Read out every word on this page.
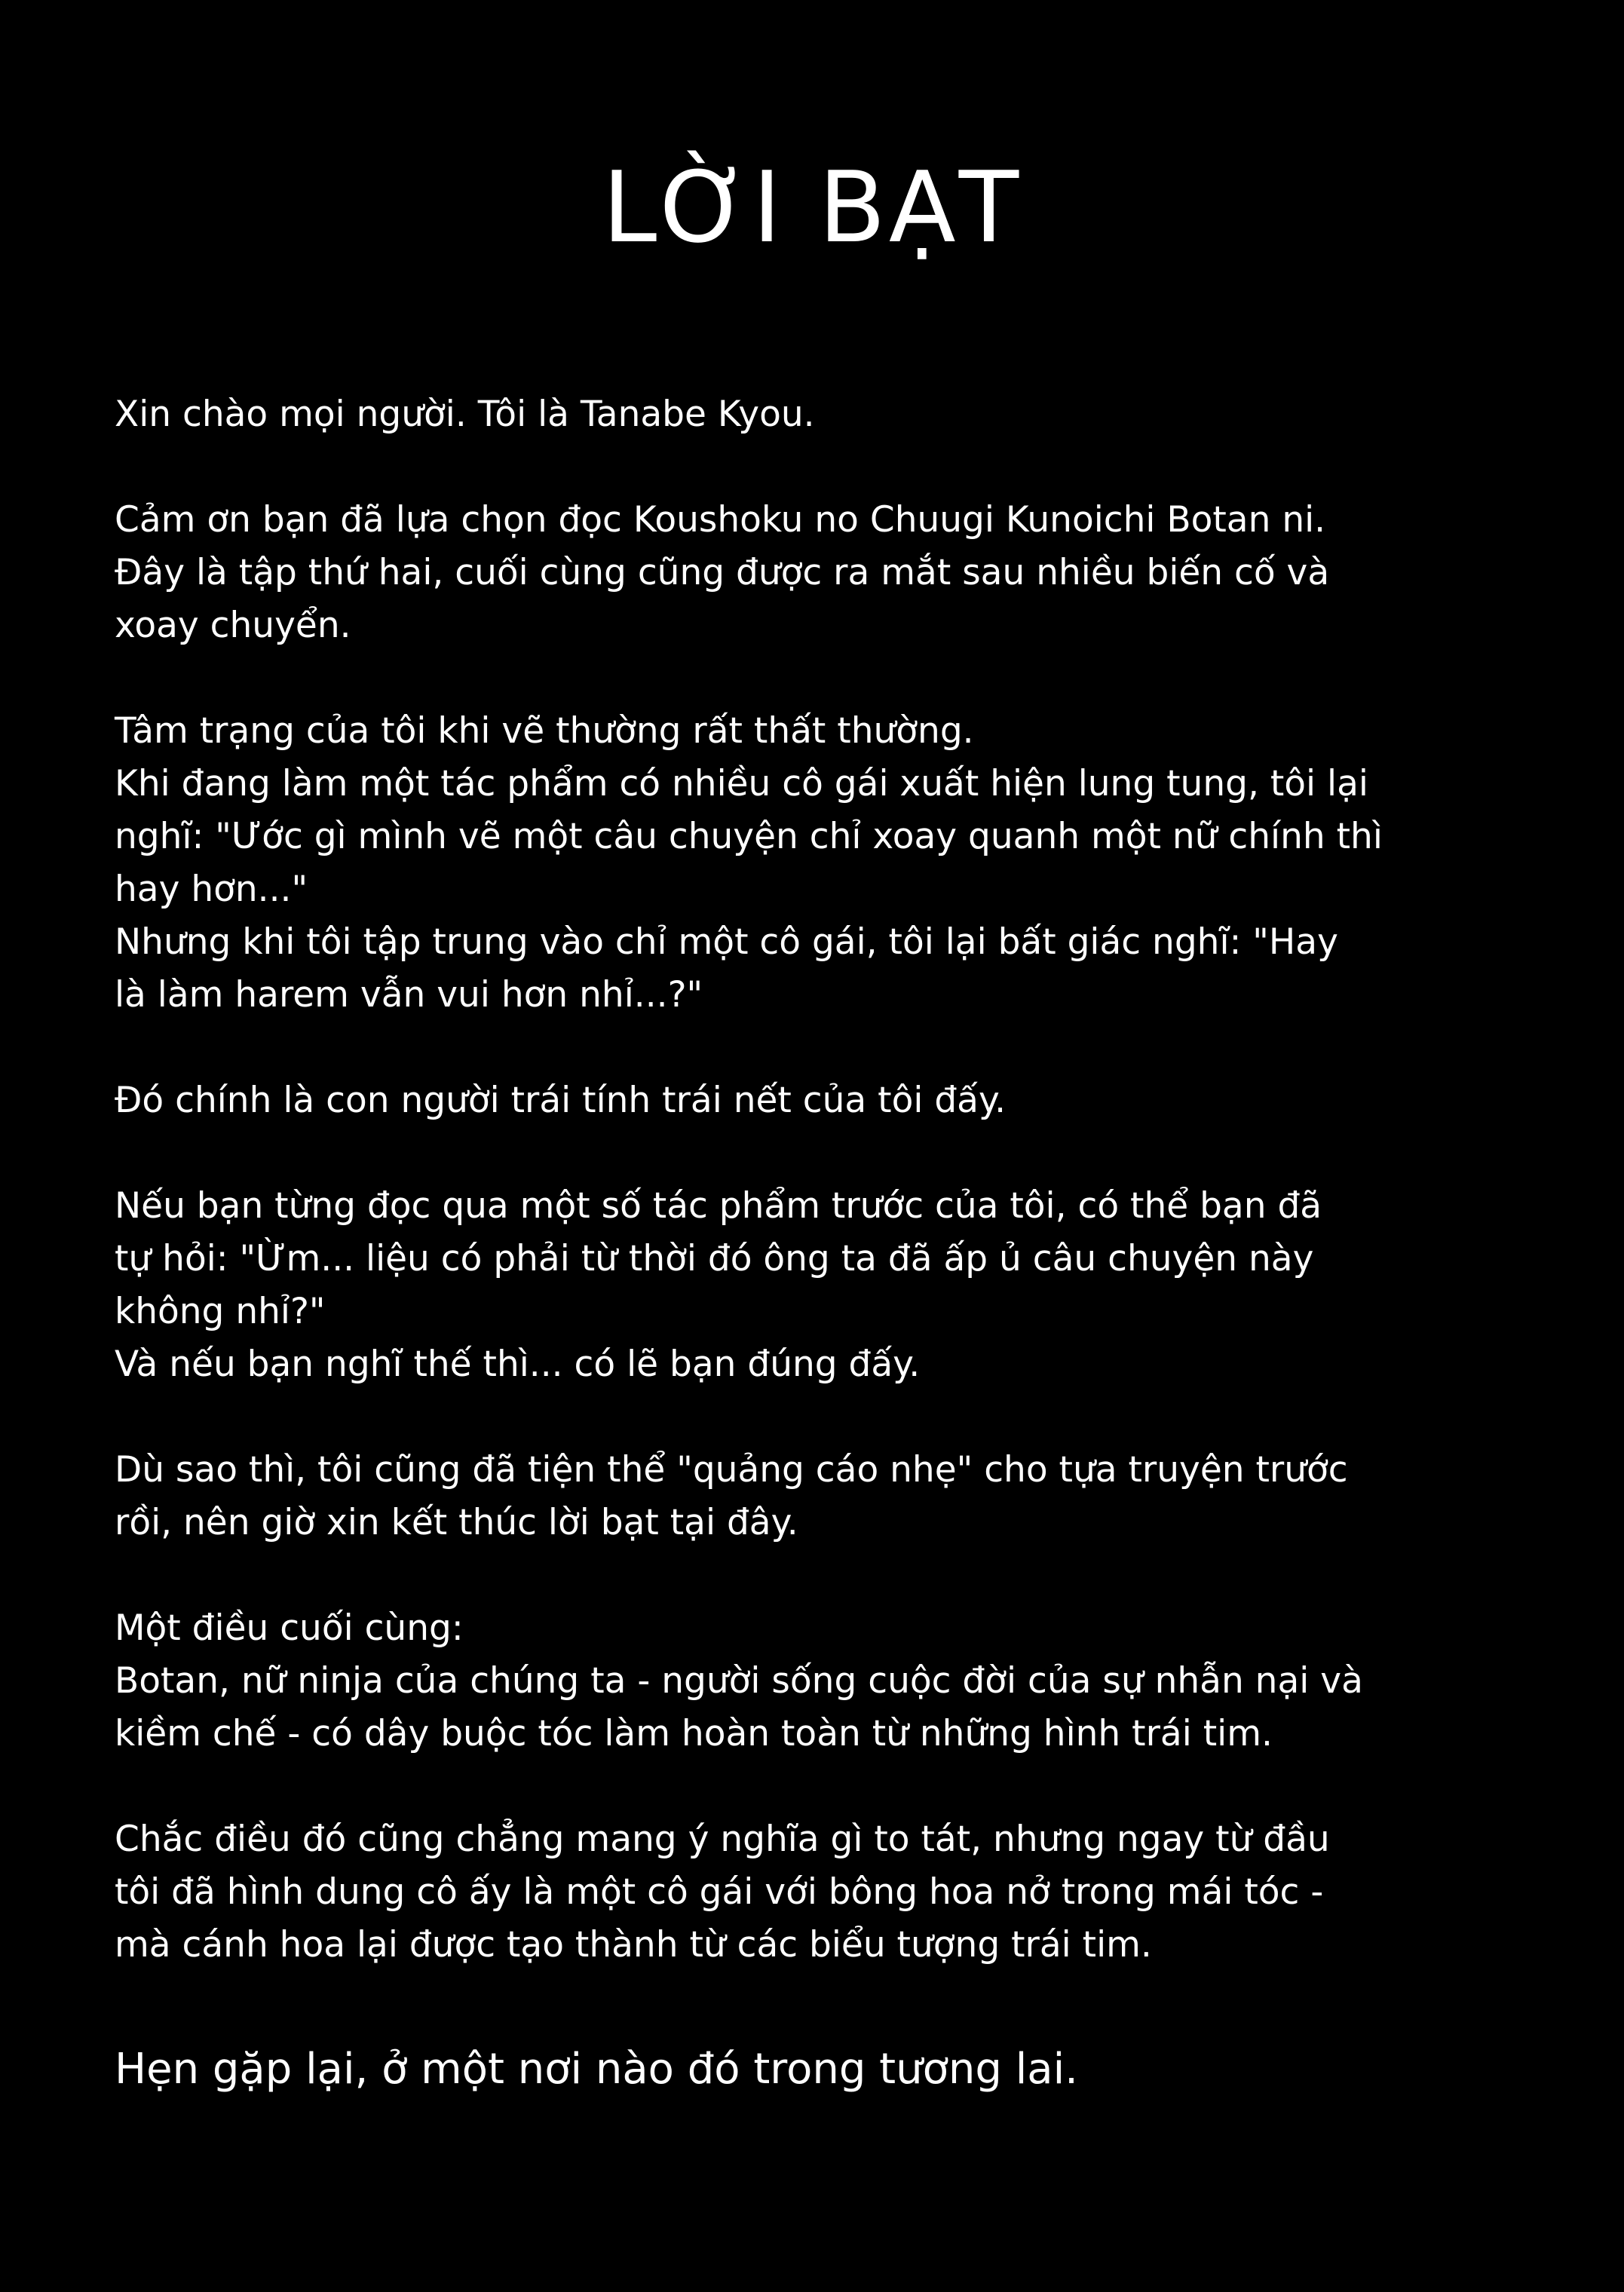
LỜI BẠT
Xin chào mọi người. Tôi là Tanabe Kyou.
Cảm ơn bạn đã lựa chọn đọc Koushoku no Chuugi Kunoichi Botan ni.
Đây là tập thứ hai, cuối cùng cũng được ra mắt sau nhiều biến cố và
xoay chuyển.
Tâm trạng của tôi khi vẽ thường rất thất thường.
Khi đang làm một tác phẩm có nhiều cô gái xuất hiện lung tung, tôi lại
nghĩ: "Ước gì mình vẽ một câu chuyện chỉ xoay quanh một nữ chính thì
hay hơn..."
Nhưng khi tôi tập trung vào chỉ một cô gái, tôi lại bất giác nghĩ: "Hay
là làm harem vẫn vui hơn nhỉ...?"
Đó chính là con người trái tính trái nết của tôi đấy.
Nếu bạn từng đọc qua một số tác phẩm trước của tôi, có thể bạn đã
tự hỏi: "Ừm... liệu có phải từ thời đó ông ta đã ấp ủ câu chuyện này
không nhỉ?"
Và nếu bạn nghĩ thế thì... có lẽ bạn đúng đấy.
Dù sao thì, tôi cũng đã tiện thể "quảng cáo nhẹ" cho tựa truyện trước
rồi, nên giờ xin kết thúc lời bạt tại đây.
Một điều cuối cùng:
Botan, nữ ninja của chúng ta - người sống cuộc đời của sự nhẫn nại và
kiềm chế - có dây buộc tóc làm hoàn toàn từ những hình trái tim.
Chắc điều đó cũng chẳng mang ý nghĩa gì to tát, nhưng ngay từ đầu
tôi đã hình dung cô ấy là một cô gái với bông hoa nở trong mái tóc -
mà cánh hoa lại được tạo thành từ các biểu tượng trái tim.
Hẹn gặp lại, ở một nơi nào đó trong tương lai.
